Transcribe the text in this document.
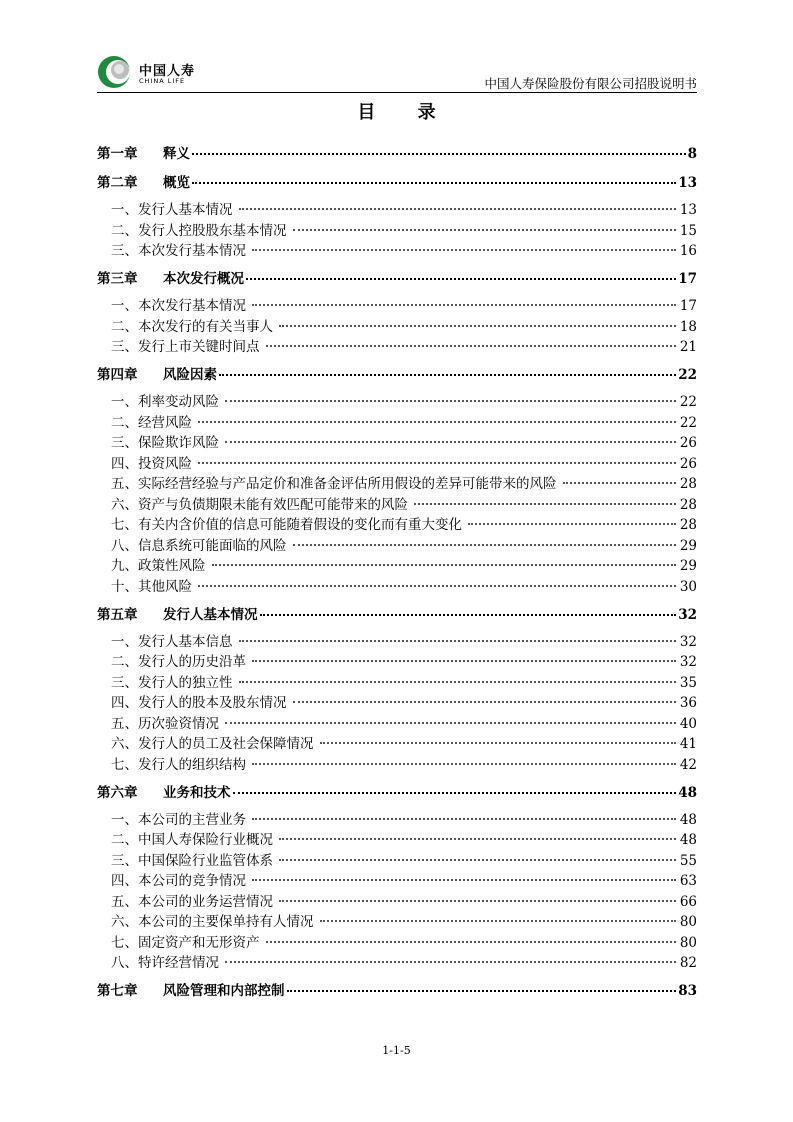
中国人寿
CHINA LIFE	中国人寿保险股份有限公司招股说明书
目 录
第一章 释义	8
第二章 概览	13
一、发行人基本情况	13
二、发行人控股股东基本情况	15
三、本次发行基本情况	16
第三章 本次发行概况	17
一、本次发行基本情况	17
二、本次发行的有关当事人	18
三、发行上市关键时间点	21
第四章 风险因素	22
一、利率变动风险	22
二、经营风险	22
三、保险欺诈风险	26
四、投资风险	26
五、实际经营经验与产品定价和准备金评估所用假设的差异可能带来的风险	28
六、资产与负债期限未能有效匹配可能带来的风险	28
七、有关内含价值的信息可能随着假设的变化而有重大变化	28
八、信息系统可能面临的风险	29
九、政策性风险	29
十、其他风险	30
第五章 发行人基本情况	32
一、发行人基本信息	32
二、发行人的历史沿革	32
三、发行人的独立性	35
四、发行人的股本及股东情况	36
五、历次验资情况	40
六、发行人的员工及社会保障情况	41
七、发行人的组织结构	42
第六章 业务和技术	48
一、本公司的主营业务	48
二、中国人寿保险行业概况	48
三、中国保险行业监管体系	55
四、本公司的竞争情况	63
五、本公司的业务运营情况	66
六、本公司的主要保单持有人情况	80
七、固定资产和无形资产	80
八、特许经营情况	82
第七章 风险管理和内部控制	83
1-1-5
